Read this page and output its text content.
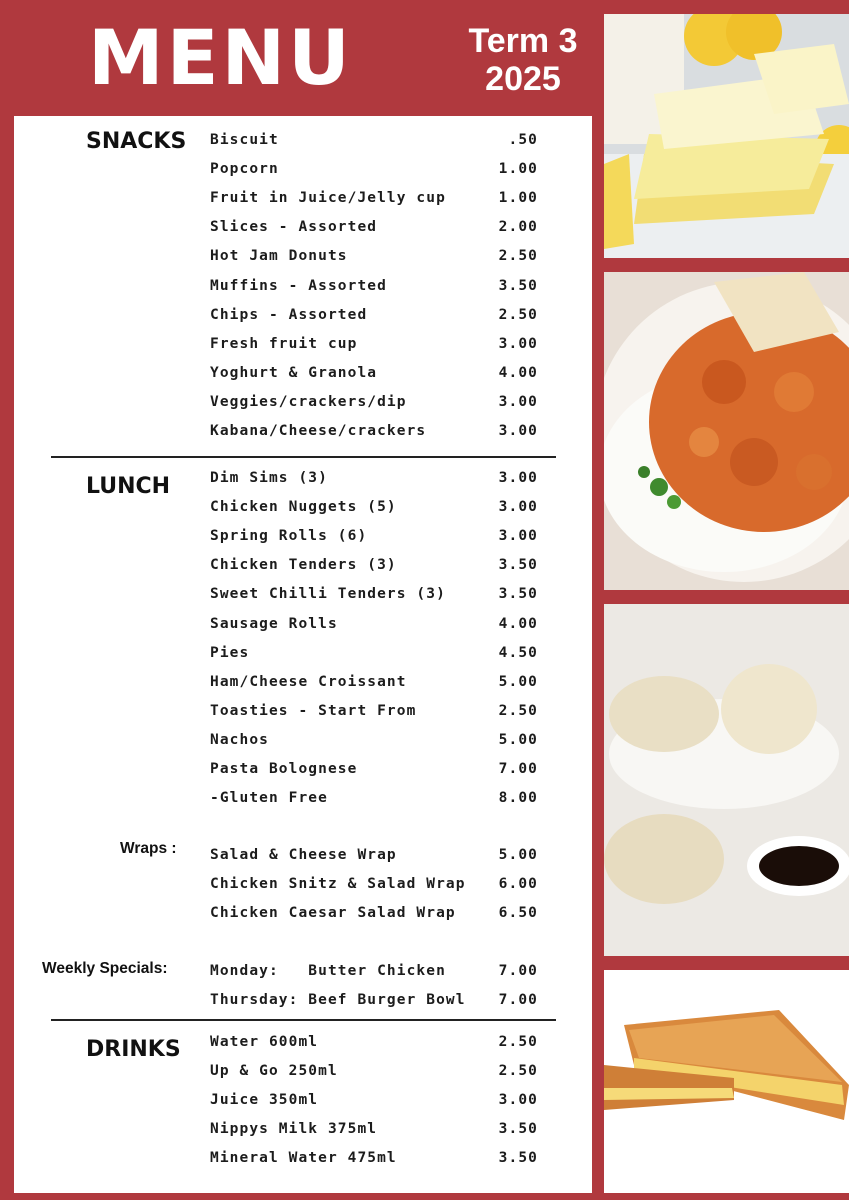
MENU	Term 3
2025
SNACKS Biscuit	.50
Popcorn	1.00
Fruit in Juice/Jelly cup	1.00
Slices - Assorted	2.00
Hot Jam Donuts	2.50
Muffins - Assorted	3.50
Chips - Assorted	2.50
Fresh fruit cup	3.00
Yoghurt & Granola	4.00
Veggies/crackers/dip	3.00
Kabana/Cheese/crackers	3.00
LUNCH	Dim Sims (3)	3.00
Chicken Nuggets (5)	3.00
Spring Rolls (6)	3.00
Chicken Tenders (3)	3.50
Sweet Chilli Tenders (3)	3.50
Sausage Rolls	4.00
Pies	4.50
Ham/Cheese Croissant	5.00
Toasties - Start From	2.50
Nachos	5.00
Pasta Bolognese	7.00
-Gluten Free	8.00
Wraps : Salad & Cheese Wrap	5.00
Chicken Snitz & Salad Wrap 6.00
Chicken Caesar Salad Wrap	6.50
Weekly Specials:	Monday:   Butter Chicken	7.00
Thursday: Beef Burger Bowl 7.00
DRINKS Water 600ml	2.50
Up & Go 250ml	2.50
Juice 350ml	3.00
Nippys Milk 375ml	3.50
Mineral Water 475ml	3.50
